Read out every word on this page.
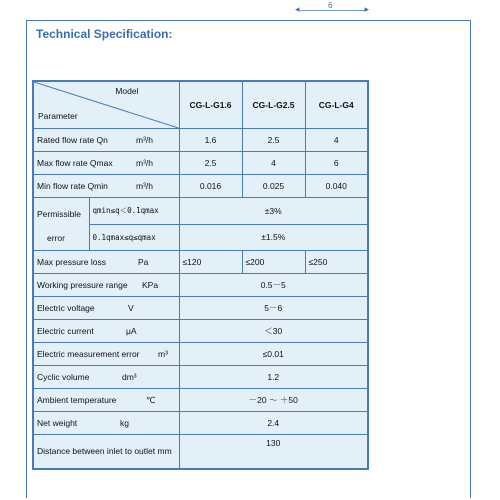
◂	6	▸
Technical Specification:
Model
Parameter		CG-L-G1.6	CG-L-G2.5	CG-L-G4
Rated flow rate Qn m³/h		1.6	2.5	4
Max flow rate Qmax m³/h		2.5	4	6
Min flow rate Qmin m³/h		0.016	0.025	0.040
Permissible
error	qmin≤q＜0.1qmax	±3%		
	0.1qmax≤q≤qmax	±1.5%		
Max pressure loss Pa		≤120	≤200	≤250
Working pressure range KPa		0.5－5		
Electric voltage V		5－6		
Electric current μA		＜30		
Electric measurement error m³		≤0.01		
Cyclic volume dm³		1.2		
Ambient temperature ℃		－20 ～ ＋50		
Net weight kg		2.4		
Distance between inlet to outlet mm		130		
